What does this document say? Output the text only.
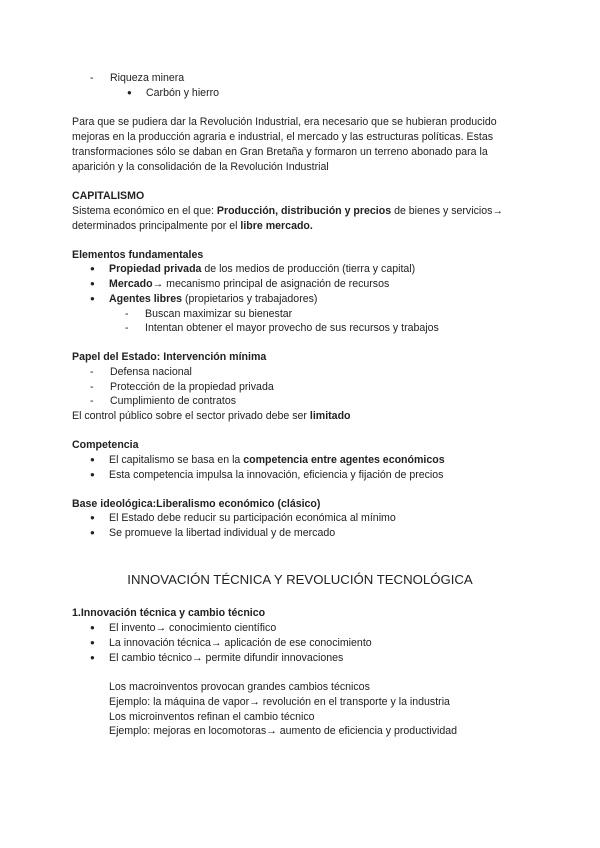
- Riqueza minera
● Carbón y hierro
Para que se pudiera dar la Revolución Industrial, era necesario que se hubieran producido
mejoras en la producción agraria e industrial, el mercado y las estructuras políticas. Estas
transformaciones sólo se daban en Gran Bretaña y formaron un terreno abonado para la
aparición y la consolidación de la Revolución Industrial
CAPITALISMO
Sistema económico en el que: Producción, distribución y precios de bienes y servicios→
determinados principalmente por el libre mercado.
Elementos fundamentales
● Propiedad privada de los medios de producción (tierra y capital)
● Mercado→ mecanismo principal de asignación de recursos
● Agentes libres (propietarios y trabajadores)
- Buscan maximizar su bienestar
- Intentan obtener el mayor provecho de sus recursos y trabajos
Papel del Estado: Intervención mínima
- Defensa nacional
- Protección de la propiedad privada
- Cumplimiento de contratos
El control público sobre el sector privado debe ser limitado
Competencia
● El capitalismo se basa en la competencia entre agentes económicos
● Esta competencia impulsa la innovación, eficiencia y fijación de precios
Base ideológica:Liberalismo económico (clásico)
● El Estado debe reducir su participación económica al mínimo
● Se promueve la libertad individual y de mercado
INNOVACIÓN TÉCNICA Y REVOLUCIÓN TECNOLÓGICA
1.Innovación técnica y cambio técnico
● El invento→ conocimiento científico
● La innovación técnica→ aplicación de ese conocimiento
● El cambio técnico→ permite difundir innovaciones
Los macroinventos provocan grandes cambios técnicos
Ejemplo: la máquina de vapor→ revolución en el transporte y la industria
Los microinventos refinan el cambio técnico
Ejemplo: mejoras en locomotoras→ aumento de eficiencia y productividad
